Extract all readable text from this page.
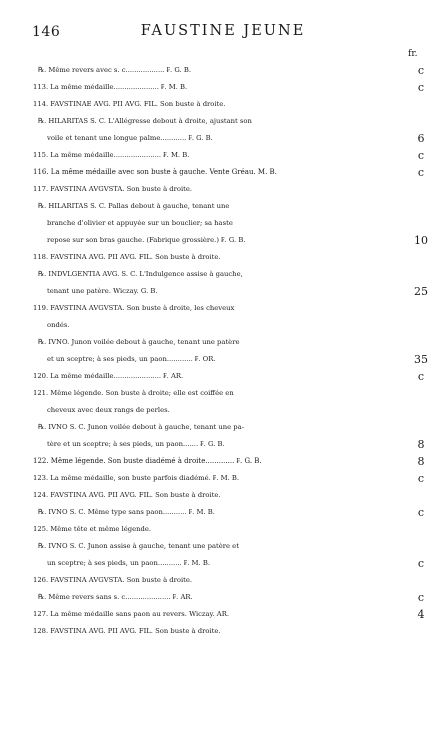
146	FAUSTINE JEUNE
fr.
℞. Même revers avec s. c.................. ₣. G. B.	c
113. La même médaille..................... ₣. M. B.	c
114. FAVSTINAE AVG. PII AVG. FIL. Son buste à droite.
℞. HILARITAS S. C. L'Allégresse debout à droite, ajustant son
voile et tenant une longue palme............ ₣. G. B.	6
115. La même médaille...................... ₣. M. B.	c
116. La même médaille avec son buste à gauche. Vente Gréau. M. B.	c
117. FAVSTINA AVGVSTA. Son buste à droite.
℞. HILARITAS S. C. Pallas debout à gauche, tenant une
branche d'olivier et appuyée sur un bouclier; sa haste
repose sur son bras gauche. (Fabrique grossière.) ₣. G. B.	10
118. FAVSTINA AVG. PII AVG. FIL. Son buste à droite.
℞. INDVLGENTIA AVG. S. C. L'Indulgence assise à gauche,
tenant une patère. Wiczay. G. B.	25
119. FAVSTINA AVGVSTA. Son buste à droite, les cheveux
ondés.
℞. IVNO. Junon voilée debout à gauche, tenant une patère
et un sceptre; à ses pieds, un paon............ ₣. OR.	35
120. La même médaille...................... ₣. AR.	c
121. Même légende. Son buste à droite; elle est coiffée en
cheveux avec deux rangs de perles.
℞. IVNO S. C. Junon voilée debout à gauche, tenant une pa-
tère et un sceptre; à ses pieds, un paon....... ₣. G. B.	8
122. Même légende. Son buste diadémé à droite............. ₣. G. B.	8
123. La même médaille, son buste parfois diadémé. ₣. M. B.	c
124. FAVSTINA AVG. PII AVG. FIL. Son buste à droite.
℞. IVNO S. C. Même type sans paon........... ₣. M. B.	c
125. Même tête et même légende.
℞. IVNO S. C. Junon assise à gauche, tenant une patère et
un sceptre; à ses pieds, un paon........... ₣. M. B.	c
126. FAVSTINA AVGVSTA. Son buste à droite.
℞. Même revers sans s. c..................... ₣. AR.	c
127. La même médaille sans paon au revers. Wiczay. AR.	4
128. FAVSTINA AVG. PII AVG. FIL. Son buste à droite.
